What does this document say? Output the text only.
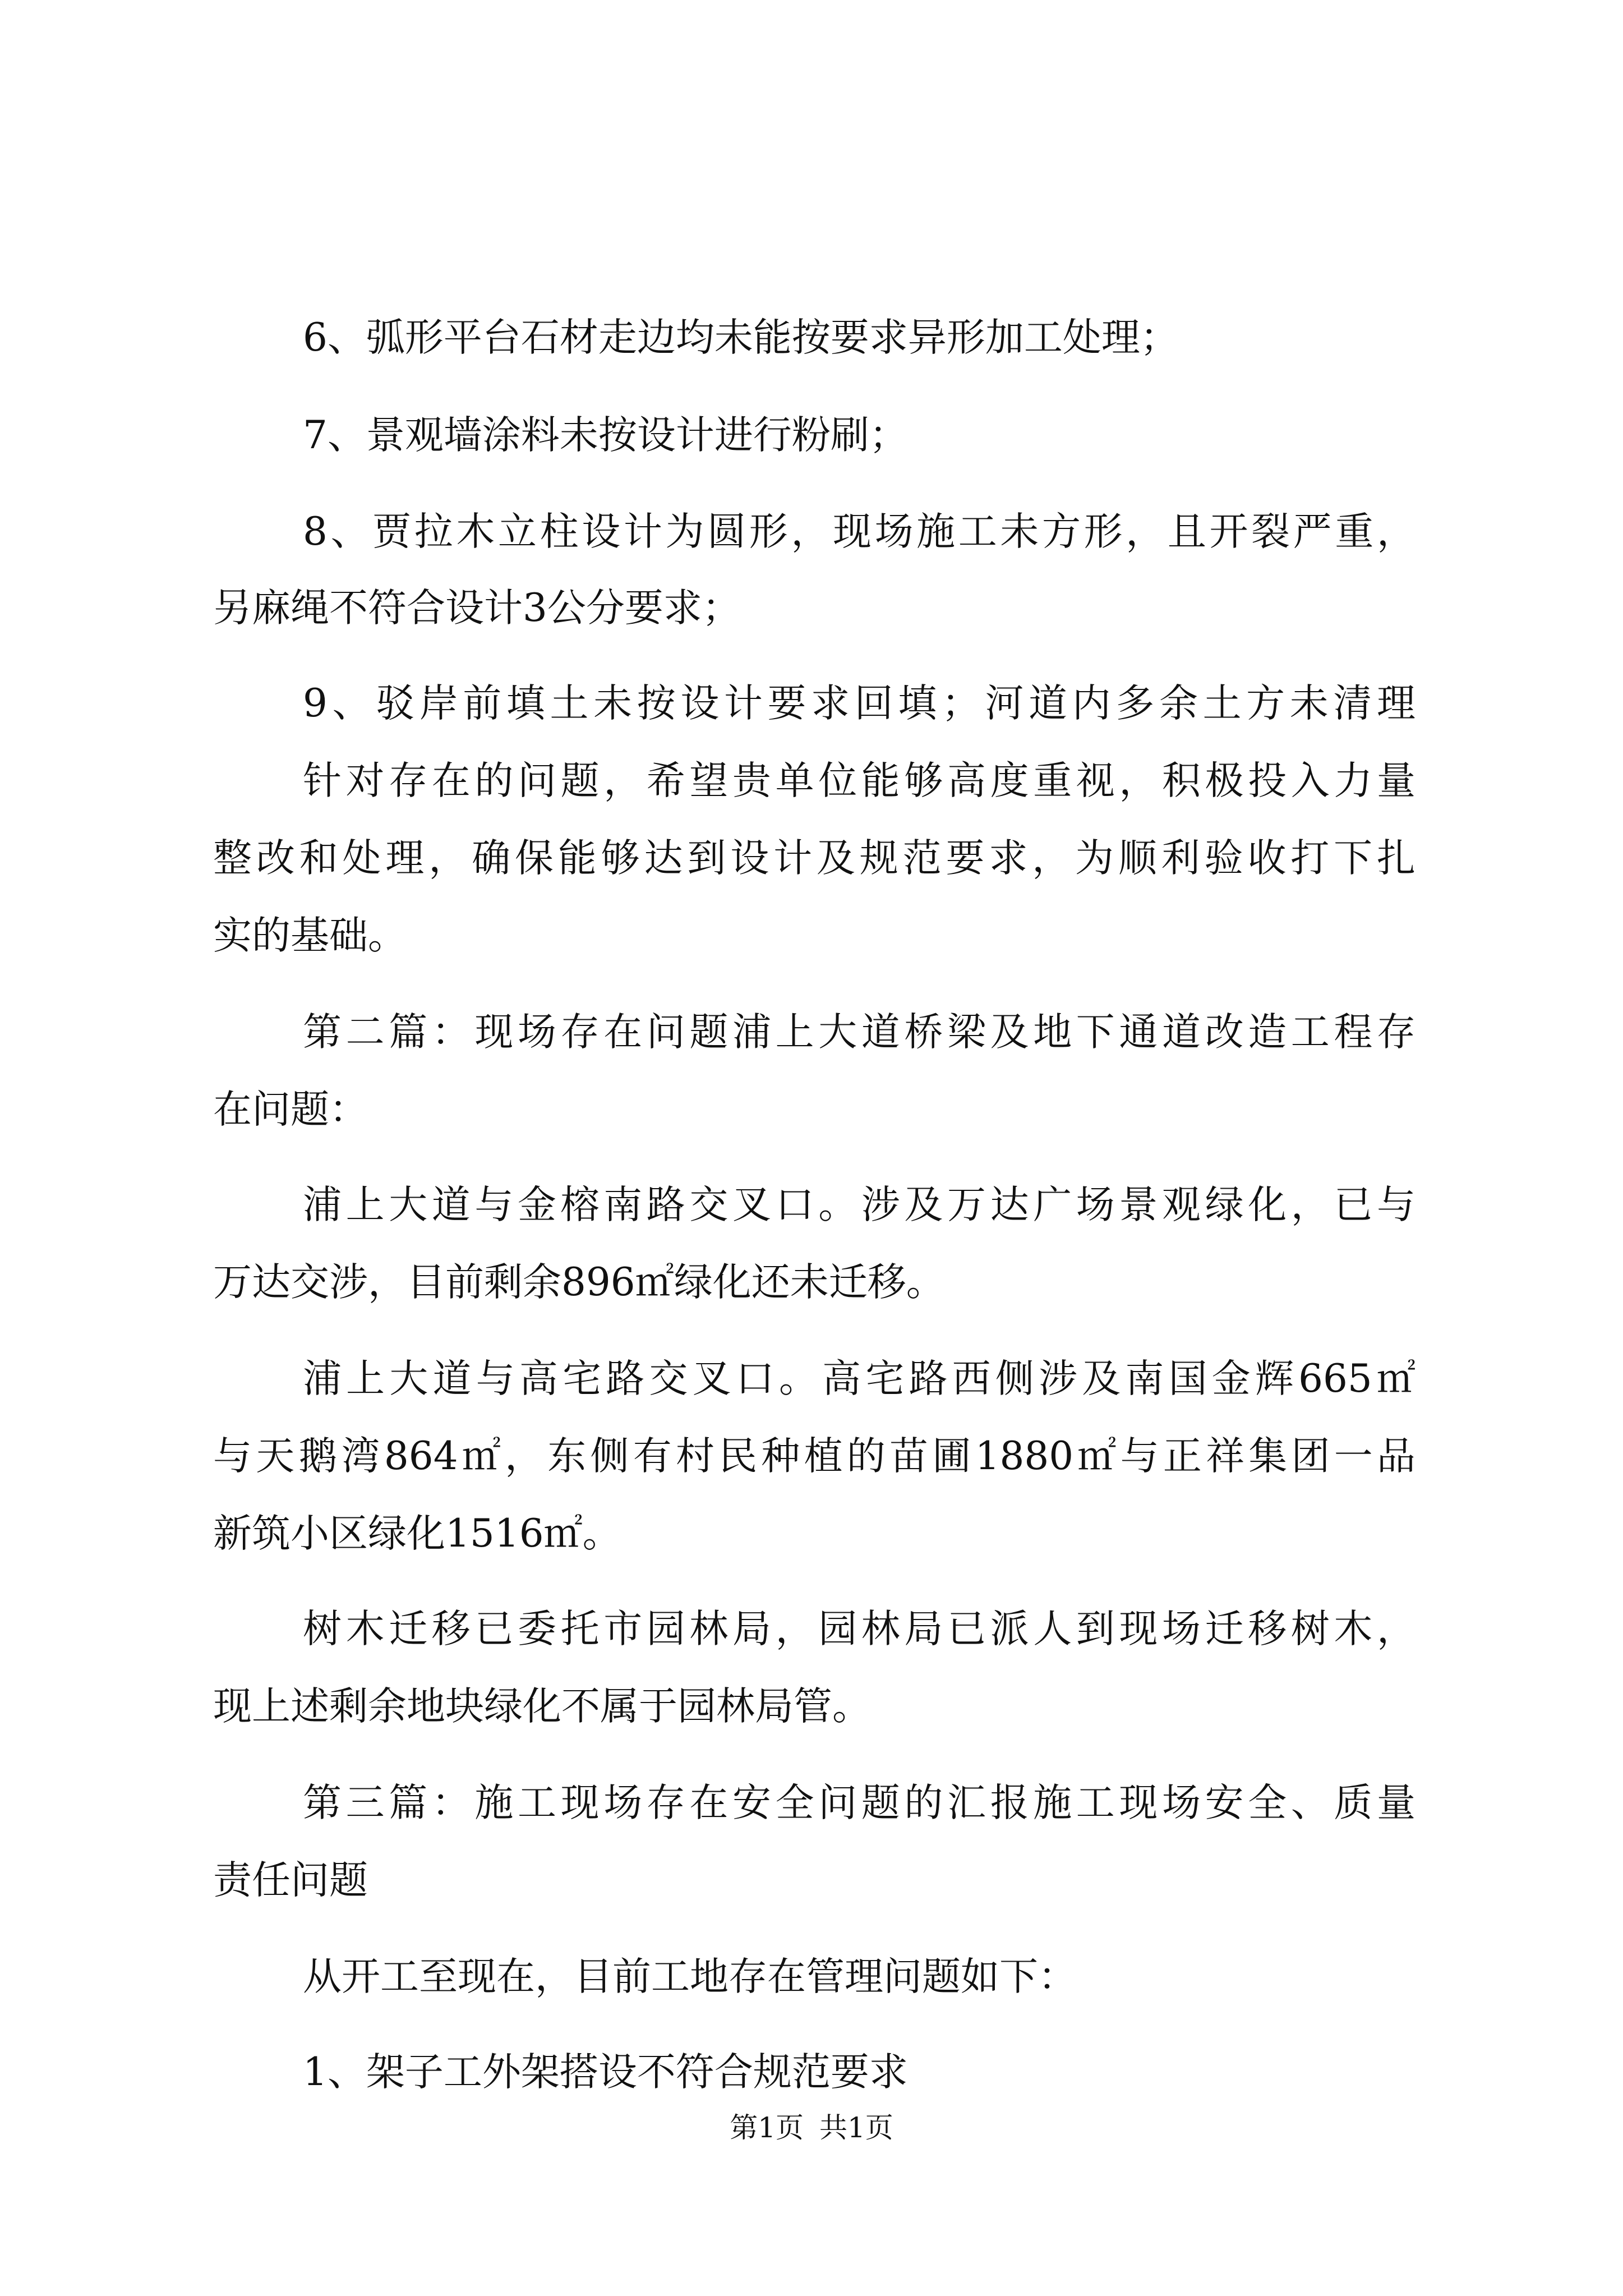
6、弧形平台石材走边均未能按要求异形加工处理；
7、景观墙涂料未按设计进行粉刷；
8、贾拉木立柱设计为圆形，现场施工未方形，且开裂严重，
另麻绳不符合设计3公分要求；
9、驳岸前填土未按设计要求回填；河道内多余土方未清理
针对存在的问题，希望贵单位能够高度重视，积极投入力量
整改和处理，确保能够达到设计及规范要求，为顺利验收打下扎
实的基础。
第二篇：现场存在问题浦上大道桥梁及地下通道改造工程存
在问题：
浦上大道与金榕南路交叉口。涉及万达广场景观绿化，已与
万达交涉，目前剩余896㎡绿化还未迁移。
浦上大道与高宅路交叉口。高宅路西侧涉及南国金辉665㎡
与天鹅湾864㎡，东侧有村民种植的苗圃1880㎡与正祥集团一品
新筑小区绿化1516㎡。
树木迁移已委托市园林局，园林局已派人到现场迁移树木，
现上述剩余地块绿化不属于园林局管。
第三篇：施工现场存在安全问题的汇报施工现场安全、质量
责任问题
从开工至现在，目前工地存在管理问题如下：
1、架子工外架搭设不符合规范要求
第1页 共1页
